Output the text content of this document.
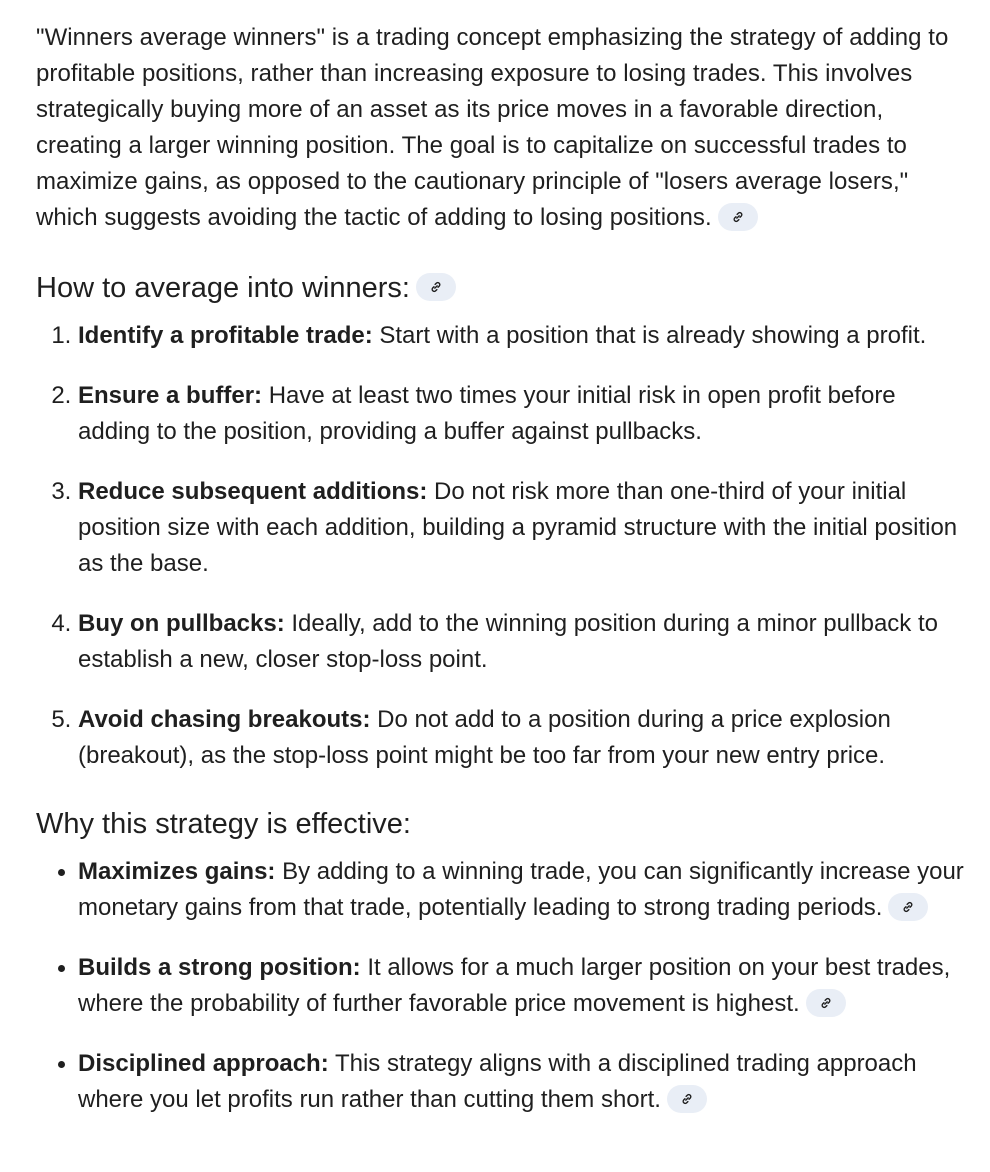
"Winners average winners" is a trading concept emphasizing the strategy of adding to profitable positions, rather than increasing exposure to losing trades. This involves strategically buying more of an asset as its price moves in a favorable direction, creating a larger winning position. The goal is to capitalize on successful trades to maximize gains, as opposed to the cautionary principle of "losers average losers," which suggests avoiding the tactic of adding to losing positions.

How to average into winners:
1. Identify a profitable trade: Start with a position that is already showing a profit.
2. Ensure a buffer: Have at least two times your initial risk in open profit before adding to the position, providing a buffer against pullbacks.
3. Reduce subsequent additions: Do not risk more than one-third of your initial position size with each addition, building a pyramid structure with the initial position as the base.
4. Buy on pullbacks: Ideally, add to the winning position during a minor pullback to establish a new, closer stop-loss point.
5. Avoid chasing breakouts: Do not add to a position during a price explosion (breakout), as the stop-loss point might be too far from your new entry price.
Why this strategy is effective:
• Maximizes gains: By adding to a winning trade, you can significantly increase your monetary gains from that trade, potentially leading to strong trading periods.
• Builds a strong position: It allows for a much larger position on your best trades, where the probability of further favorable price movement is highest.
• Disciplined approach: This strategy aligns with a disciplined trading approach where you let profits run rather than cutting them short.
